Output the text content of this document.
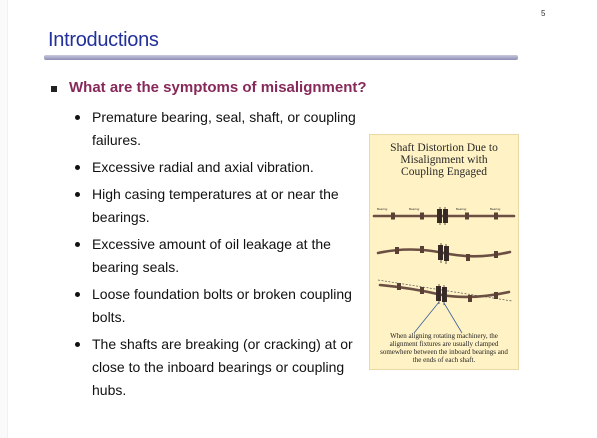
5
Introductions
What are the symptoms of misalignment?
Premature bearing, seal, shaft, or coupling
failures.
Excessive radial and axial vibration.
High casing temperatures at or near the
bearings.
Excessive amount of oil leakage at the
bearing seals.
Loose foundation bolts or broken coupling
bolts.
The shafts are breaking (or cracking) at or
close to the inboard bearings or coupling
hubs.
Shaft Distortion Due to
Misalignment with
Coupling Engaged
Bearing	Bearing	Bearing	Bearing
When aligning rotating machinery, the
alignment fixtures are usually clamped
somewhere between the inboard bearings and
the ends of each shaft.
